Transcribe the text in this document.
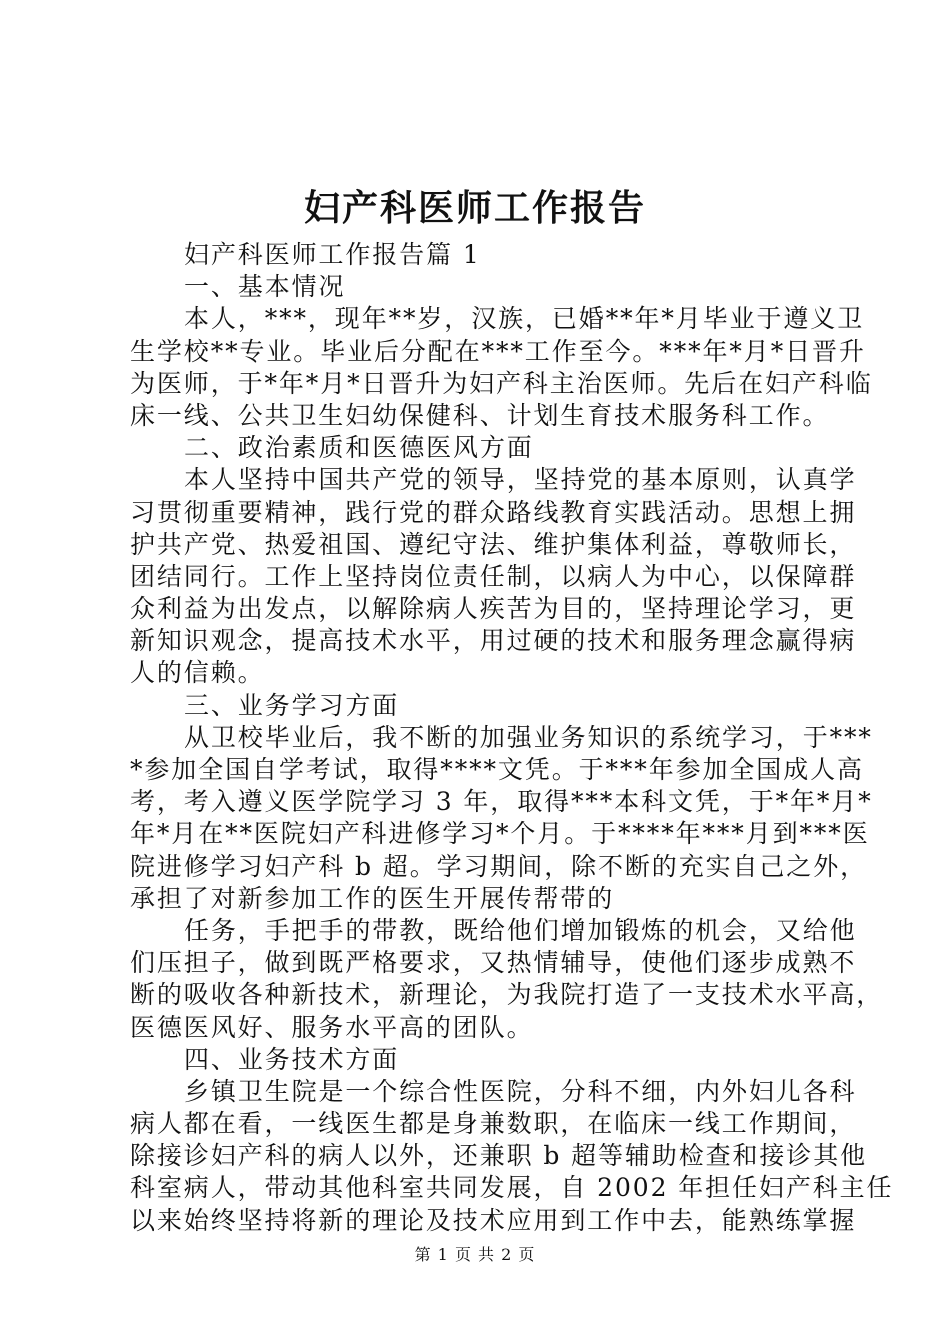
妇产科医师工作报告

妇产科医师工作报告篇 1

一、基本情况

本人，***，现年**岁，汉族，已婚**年*月毕业于遵义卫

生学校**专业。毕业后分配在***工作至今。***年*月*日晋升

为医师，于*年*月*日晋升为妇产科主治医师。先后在妇产科临

床一线、公共卫生妇幼保健科、计划生育技术服务科工作。

二、政治素质和医德医风方面

本人坚持中国共产党的领导，坚持党的基本原则，认真学

习贯彻重要精神，践行党的群众路线教育实践活动。思想上拥

护共产党、热爱祖国、遵纪守法、维护集体利益，尊敬师长，

团结同行。工作上坚持岗位责任制，以病人为中心，以保障群

众利益为出发点，以解除病人疾苦为目的，坚持理论学习，更

新知识观念，提高技术水平，用过硬的技术和服务理念赢得病

人的信赖。

三、业务学习方面

从卫校毕业后，我不断的加强业务知识的系统学习，于***

*参加全国自学考试，取得****文凭。于***年参加全国成人高

考，考入遵义医学院学习 3 年，取得***本科文凭，于*年*月*

年*月在**医院妇产科进修学习*个月。于****年***月到***医

院进修学习妇产科 b 超。学习期间，除不断的充实自己之外，

承担了对新参加工作的医生开展传帮带的

任务，手把手的带教，既给他们增加锻炼的机会，又给他

们压担子，做到既严格要求，又热情辅导，使他们逐步成熟不

断的吸收各种新技术，新理论，为我院打造了一支技术水平高，

医德医风好、服务水平高的团队。

四、业务技术方面

乡镇卫生院是一个综合性医院，分科不细，内外妇儿各科

病人都在看，一线医生都是身兼数职，在临床一线工作期间，

除接诊妇产科的病人以外，还兼职 b 超等辅助检查和接诊其他

科室病人，带动其他科室共同发展，自 2002 年担任妇产科主任

以来始终坚持将新的理论及技术应用到工作中去，能熟练掌握

第 1 页 共 2 页
